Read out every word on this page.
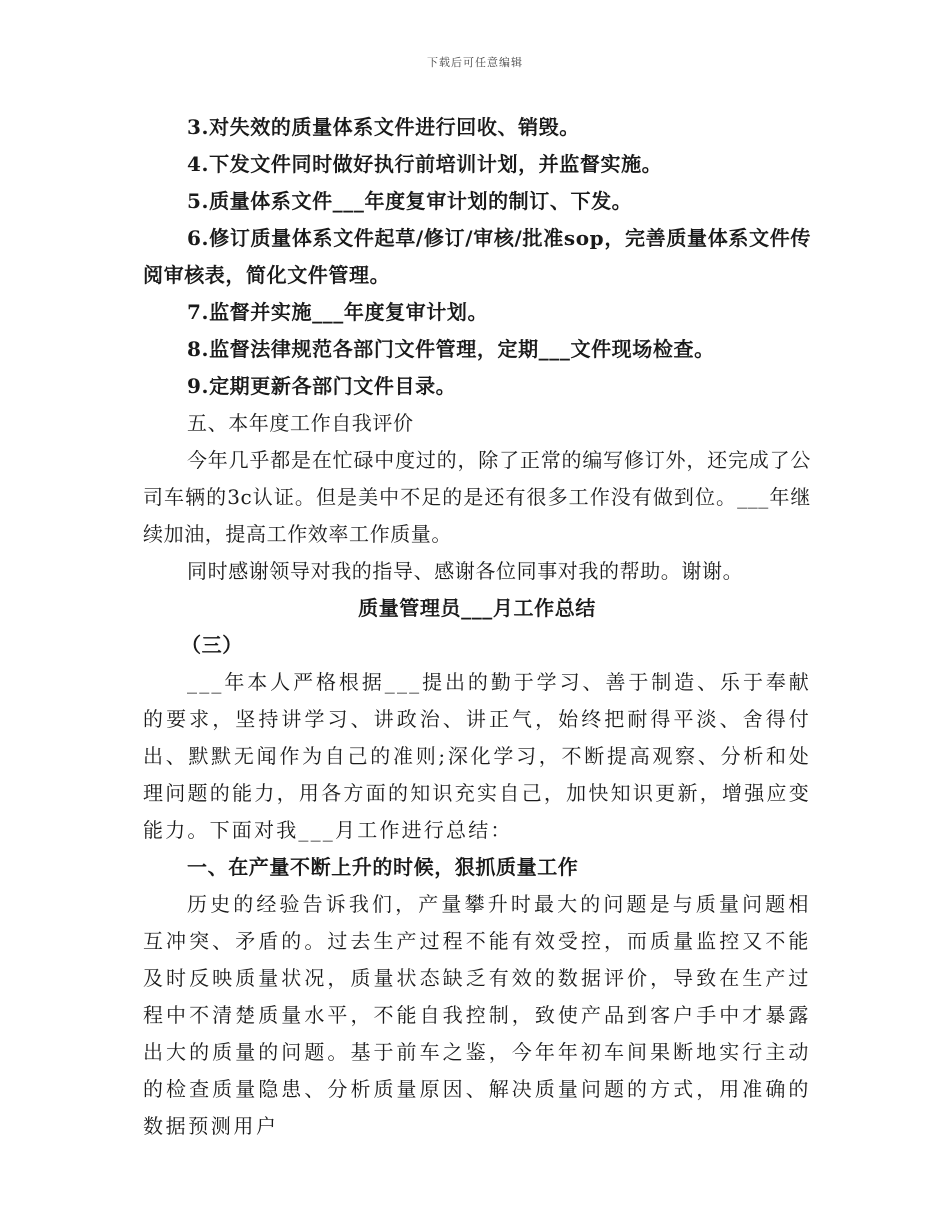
下载后可任意编辑
3.对失效的质量体系文件进行回收、销毁。
4.下发文件同时做好执行前培训计划，并监督实施。
5.质量体系文件___年度复审计划的制订、下发。
6.修订质量体系文件起草/修订/审核/批准sop，完善质量体系文件传阅审核表，简化文件管理。
7.监督并实施___年度复审计划。
8.监督法律规范各部门文件管理，定期___文件现场检查。
9.定期更新各部门文件目录。
五、本年度工作自我评价
今年几乎都是在忙碌中度过的，除了正常的编写修订外，还完成了公司车辆的3c认证。但是美中不足的是还有很多工作没有做到位。___年继续加油，提高工作效率工作质量。
同时感谢领导对我的指导、感谢各位同事对我的帮助。谢谢。
质量管理员___月工作总结
（三）
___年本人严格根据___提出的勤于学习、善于制造、乐于奉献的要求，坚持讲学习、讲政治、讲正气，始终把耐得平淡、舍得付出、默默无闻作为自己的准则;深化学习，不断提高观察、分析和处理问题的能力，用各方面的知识充实自己，加快知识更新，增强应变能力。下面对我___月工作进行总结：
一、在产量不断上升的时候，狠抓质量工作
历史的经验告诉我们，产量攀升时最大的问题是与质量问题相互冲突、矛盾的。过去生产过程不能有效受控，而质量监控又不能及时反映质量状况，质量状态缺乏有效的数据评价，导致在生产过程中不清楚质量水平，不能自我控制，致使产品到客户手中才暴露出大的质量的问题。基于前车之鉴，今年年初车间果断地实行主动的检查质量隐患、分析质量原因、解决质量问题的方式，用准确的数据预测用户
